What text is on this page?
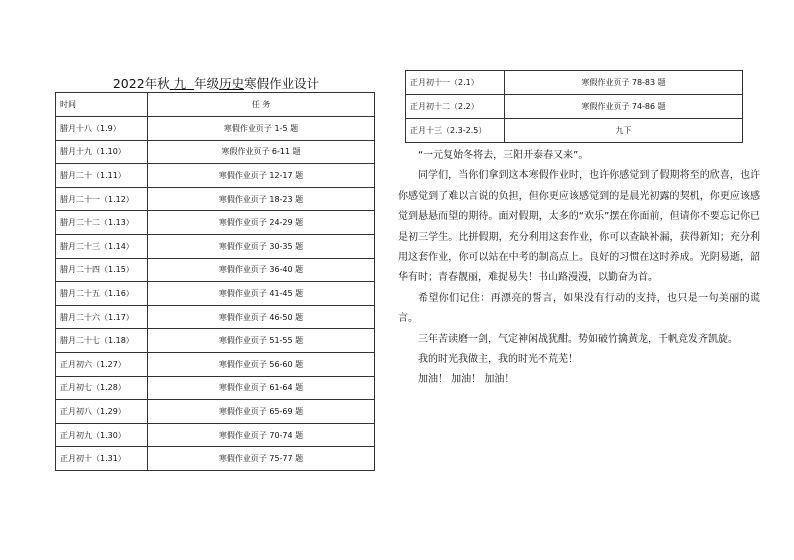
2022年秋 九 年级历史寒假作业设计
时间	任 务
腊月十八（1.9）	寒假作业页子 1-5 题
腊月十九（1.10）	寒假作业页子 6-11 题
腊月二十（1.11）	寒假作业页子 12-17 题
腊月二十一（1.12）	寒假作业页子 18-23 题
腊月二十二（1.13）	寒假作业页子 24-29 题
腊月二十三（1.14）	寒假作业页子 30-35 题
腊月二十四（1.15）	寒假作业页子 36-40 题
腊月二十五（1.16）	寒假作业页子 41-45 题
腊月二十六（1.17）	寒假作业页子 46-50 题
腊月二十七（1.18）	寒假作业页子 51-55 题
正月初六（1.27）	寒假作业页子 56-60 题
正月初七（1.28）	寒假作业页子 61-64 题
正月初八（1.29）	寒假作业页子 65-69 题
正月初九（1.30）	寒假作业页子 70-74 题
正月初十（1.31）	寒假作业页子 75-77 题
正月初十一（2.1）	寒假作业页子 78-83 题
正月初十二（2.2）	寒假作业页子 74-86 题
正月十三（2.3-2.5）	九下

“一元复始冬将去，三阳开泰春又来”。

同学们，当你们拿到这本寒假作业时，也许你感觉到了假期将至的欣喜，也许你感觉到了难以言说的负担，但你更应该感觉到的是晨光初露的契机，你更应该感觉到悬悬而望的期待。面对假期，太多的“欢乐”摆在你面前，但请你不要忘记你已是初三学生。比拼假期，充分利用这套作业，你可以查缺补漏，获得新知；充分利用这套作业，你可以站在中考的制高点上。良好的习惯在这时养成。光阴易逝，韶华有时；青春靓丽，难捉易失！书山路漫漫，以勤奋为首。

希望你们记住：再漂亮的誓言，如果没有行动的支持，也只是一句美丽的谎言。

三年苦读磨一剑，气定神闲战犹酣。势如破竹擒黄龙，千帆竞发齐凯旋。

我的时光我做主，我的时光不荒芜！

加油！ 加油！ 加油！
